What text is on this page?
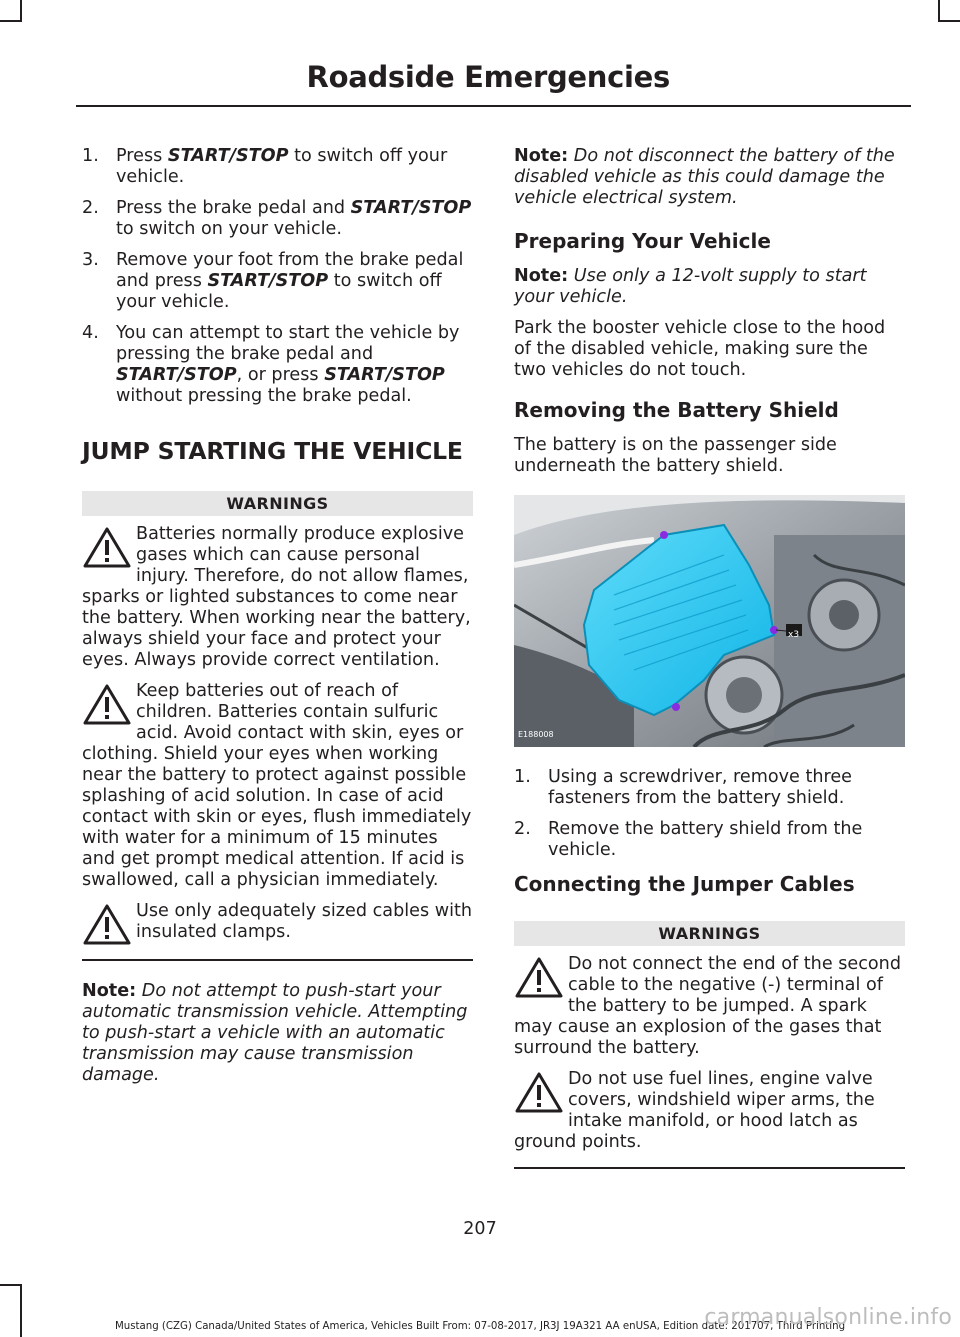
Roadside Emergencies
1. Press START/STOP to switch off your vehicle.
2. Press the brake pedal and START/STOP to switch on your vehicle.
3. Remove your foot from the brake pedal and press START/STOP to switch off your vehicle.
4. You can attempt to start the vehicle by pressing the brake pedal and START/STOP, or press START/STOP without pressing the brake pedal.
JUMP STARTING THE VEHICLE
WARNINGS

Batteries normally produce explosive gases which can cause personal injury. Therefore, do not allow flames, sparks or lighted substances to come near the battery. When working near the battery, always shield your face and protect your eyes. Always provide correct ventilation.

Keep batteries out of reach of children. Batteries contain sulfuric acid. Avoid contact with skin, eyes or clothing. Shield your eyes when working near the battery to protect against possible splashing of acid solution. In case of acid contact with skin or eyes, flush immediately with water for a minimum of 15 minutes and get prompt medical attention. If acid is swallowed, call a physician immediately.

Use only adequately sized cables with insulated clamps.

Note: Do not attempt to push-start your automatic transmission vehicle. Attempting to push-start a vehicle with an automatic transmission may cause transmission damage.

Note: Do not disconnect the battery of the disabled vehicle as this could damage the vehicle electrical system.

Preparing Your Vehicle

Note: Use only a 12-volt supply to start your vehicle.

Park the booster vehicle close to the hood of the disabled vehicle, making sure the two vehicles do not touch.

Removing the Battery Shield

The battery is on the passenger side underneath the battery shield.

x3
E188008
1. Using a screwdriver, remove three fasteners from the battery shield.
2. Remove the battery shield from the vehicle.
Connecting the Jumper Cables
WARNINGS

Do not connect the end of the second cable to the negative (-) terminal of the battery to be jumped. A spark may cause an explosion of the gases that surround the battery.

Do not use fuel lines, engine valve covers, windshield wiper arms, the intake manifold, or hood latch as ground points.

207
Mustang (CZG) Canada/United States of America, Vehicles Built From: 07-08-2017, JR3J 19A321 AA enUSA, Edition date: 201707, Third Printing
carmanualsonline.info
